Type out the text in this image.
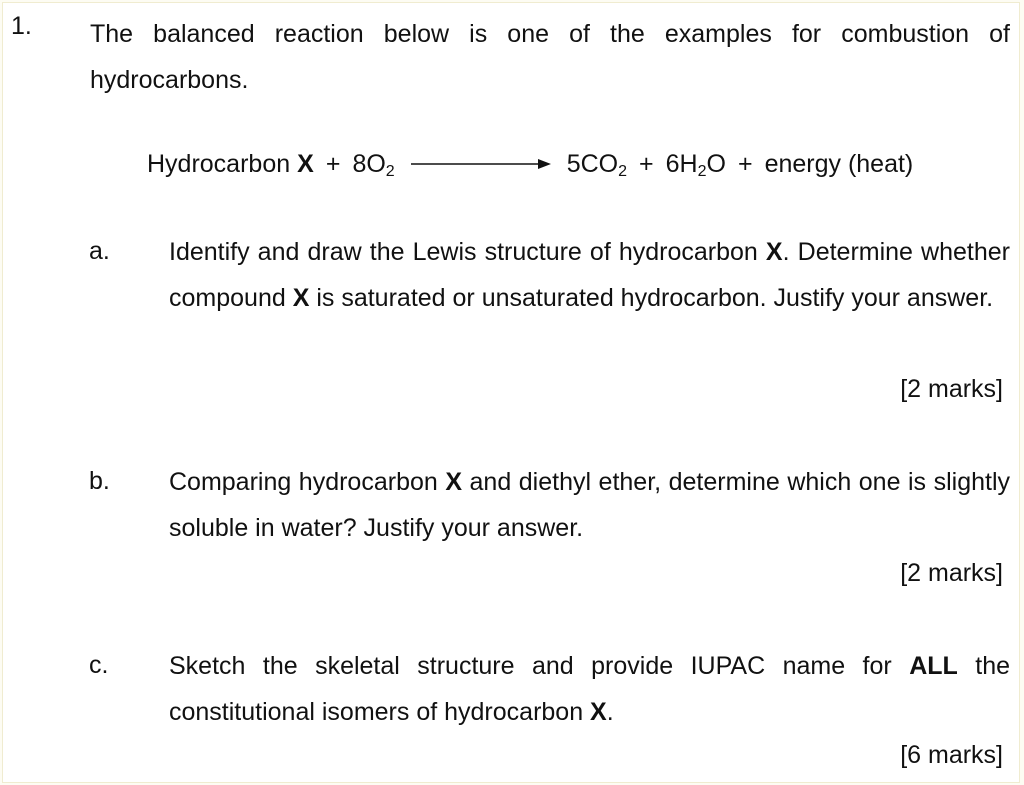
1. The balanced reaction below is one of the examples for combustion of hydrocarbons.
Hydrocarbon $X + 8O_2$	$5CO_2 + 6H_2O$ + energy (heat)
a. Identify and draw the Lewis structure of hydrocarbon X. Determine whether compound X is saturated or unsaturated hydrocarbon. Justify your answer.
[2 marks]
b. Comparing hydrocarbon X and diethyl ether, determine which one is slightly soluble in water? Justify your answer.
[2 marks]
c. Sketch the skeletal structure and provide IUPAC name for ALL the constitutional isomers of hydrocarbon X.
[6 marks]
